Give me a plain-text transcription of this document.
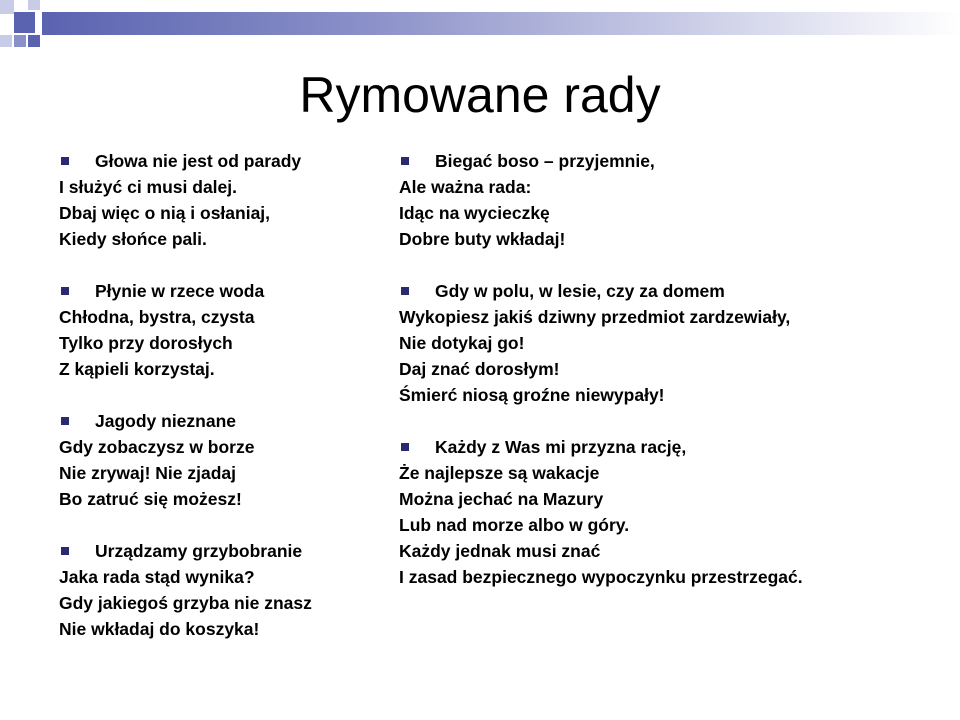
Rymowane rady
Głowa nie jest od parady
I służyć ci musi dalej.
Dbaj więc o nią i osłaniaj,
Kiedy słońce pali.
Płynie w rzece woda
Chłodna, bystra, czysta
Tylko przy dorosłych
Z kąpieli korzystaj.
Jagody nieznane
Gdy zobaczysz w borze
Nie zrywaj! Nie zjadaj
Bo zatruć się możesz!
Urządzamy grzybobranie
Jaka rada stąd wynika?
Gdy jakiegoś grzyba nie znasz
Nie wkładaj do koszyka!
Biegać boso – przyjemnie,
Ale ważna rada:
Idąc na wycieczkę
Dobre buty wkładaj!
Gdy w polu, w lesie, czy za domem
Wykopiesz jakiś dziwny przedmiot zardzewiały,
Nie dotykaj go!
Daj znać dorosłym!
Śmierć niosą groźne niewypały!
Każdy z Was mi przyzna rację,
Że najlepsze są wakacje
Można jechać na Mazury
Lub nad morze albo w góry.
Każdy jednak musi znać
I zasad bezpiecznego wypoczynku przestrzegać.
